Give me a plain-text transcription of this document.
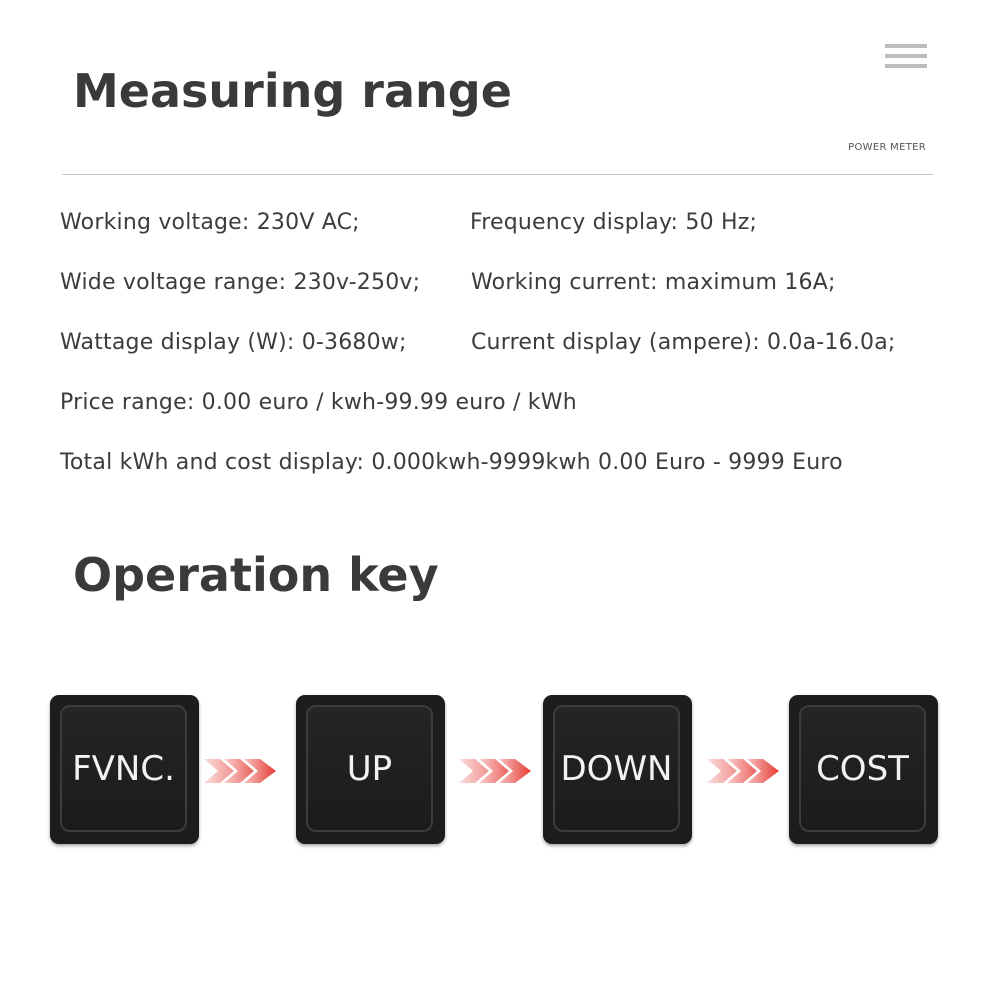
Measuring range
POWER METER
Working voltage: 230V AC;	Frequency display: 50 Hz;
Wide voltage range: 230v-250v; Working current: maximum 16A;
Wattage display (W): 0-3680w;	Current display (ampere): 0.0a-16.0a;
Price range: 0.00 euro / kwh-99.99 euro / kWh
Total kWh and cost display: 0.000kwh-9999kwh 0.00 Euro - 9999 Euro
Operation key
FVNC.	UP	DOWN	COST
